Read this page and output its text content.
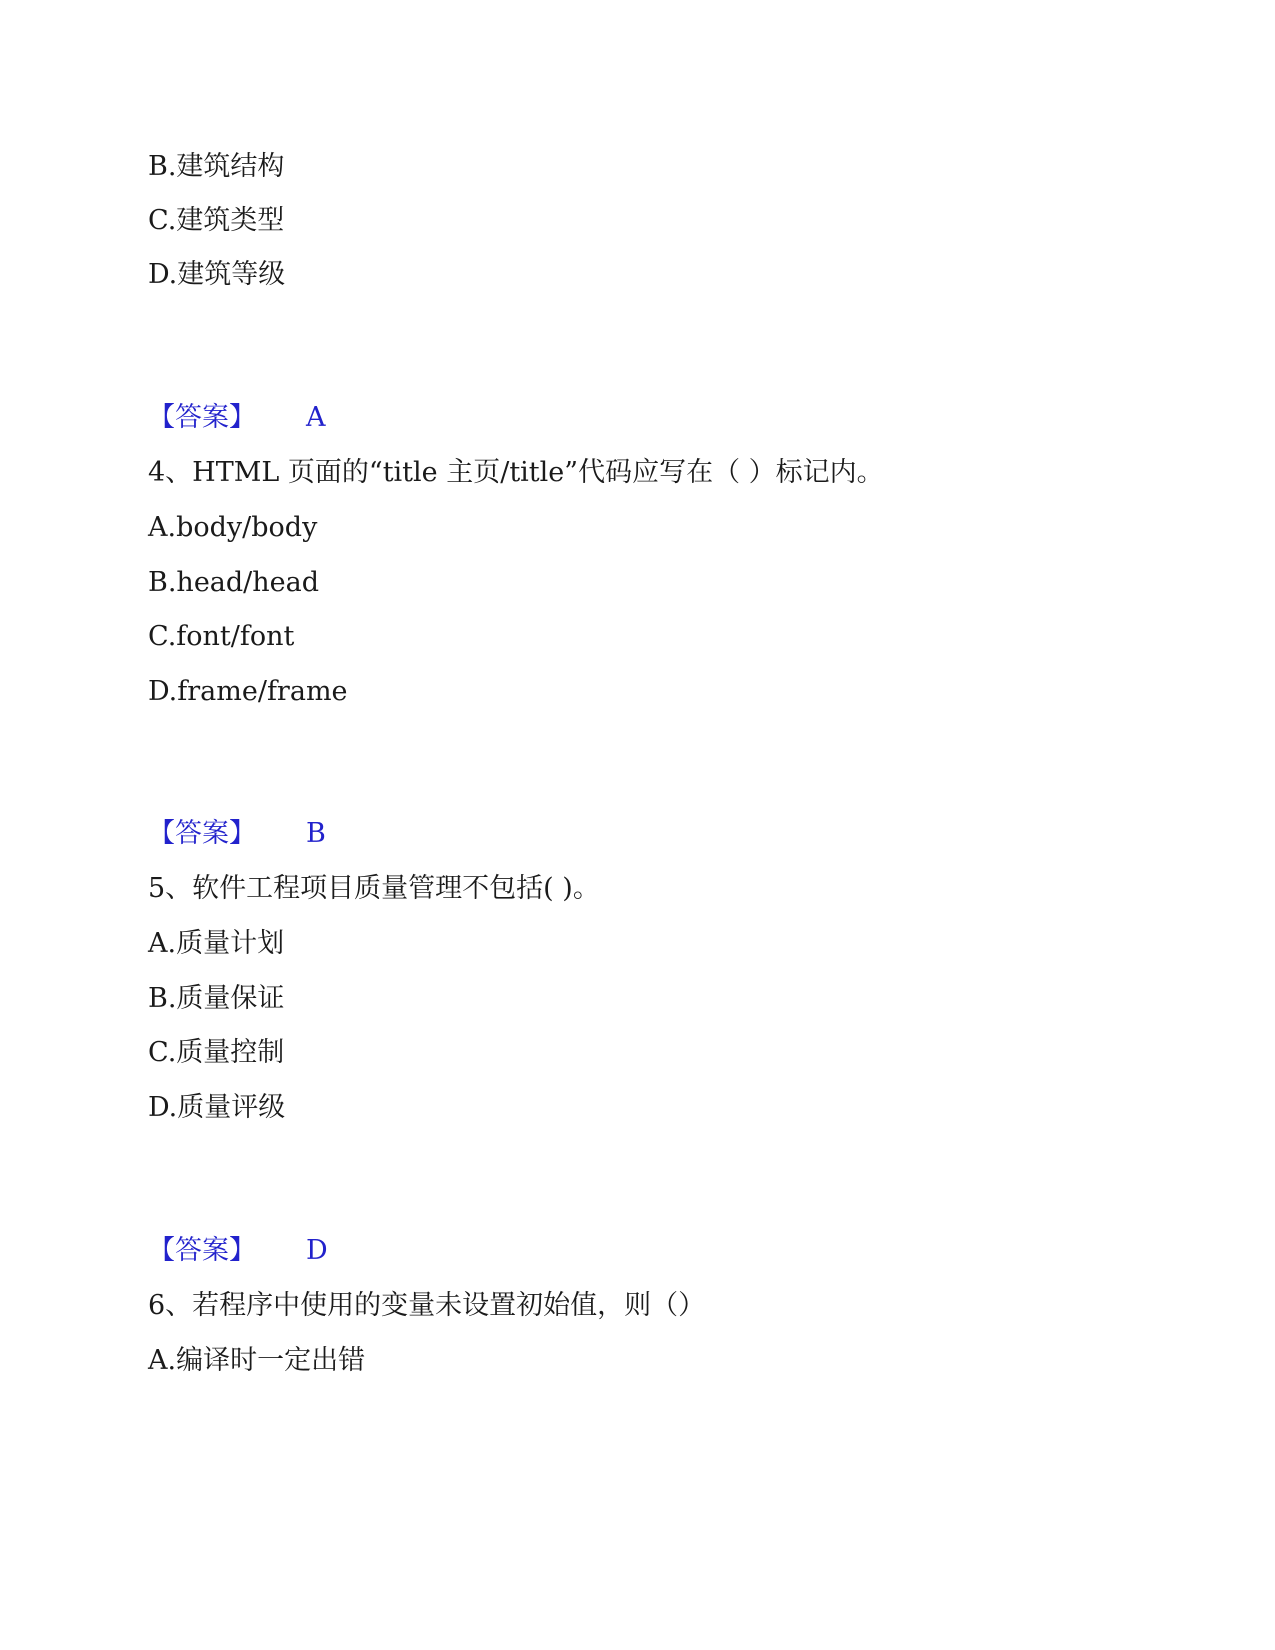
B.建筑结构
C.建筑类型
D.建筑等级
【答案】 A
4、HTML 页面的“title 主页/title”代码应写在（ ）标记内。
A.body/body
B.head/head
C.font/font
D.frame/frame
【答案】 B
5、软件工程项目质量管理不包括( )。
A.质量计划
B.质量保证
C.质量控制
D.质量评级
【答案】 D
6、若程序中使用的变量未设置初始值，则（）
A.编译时一定出错
